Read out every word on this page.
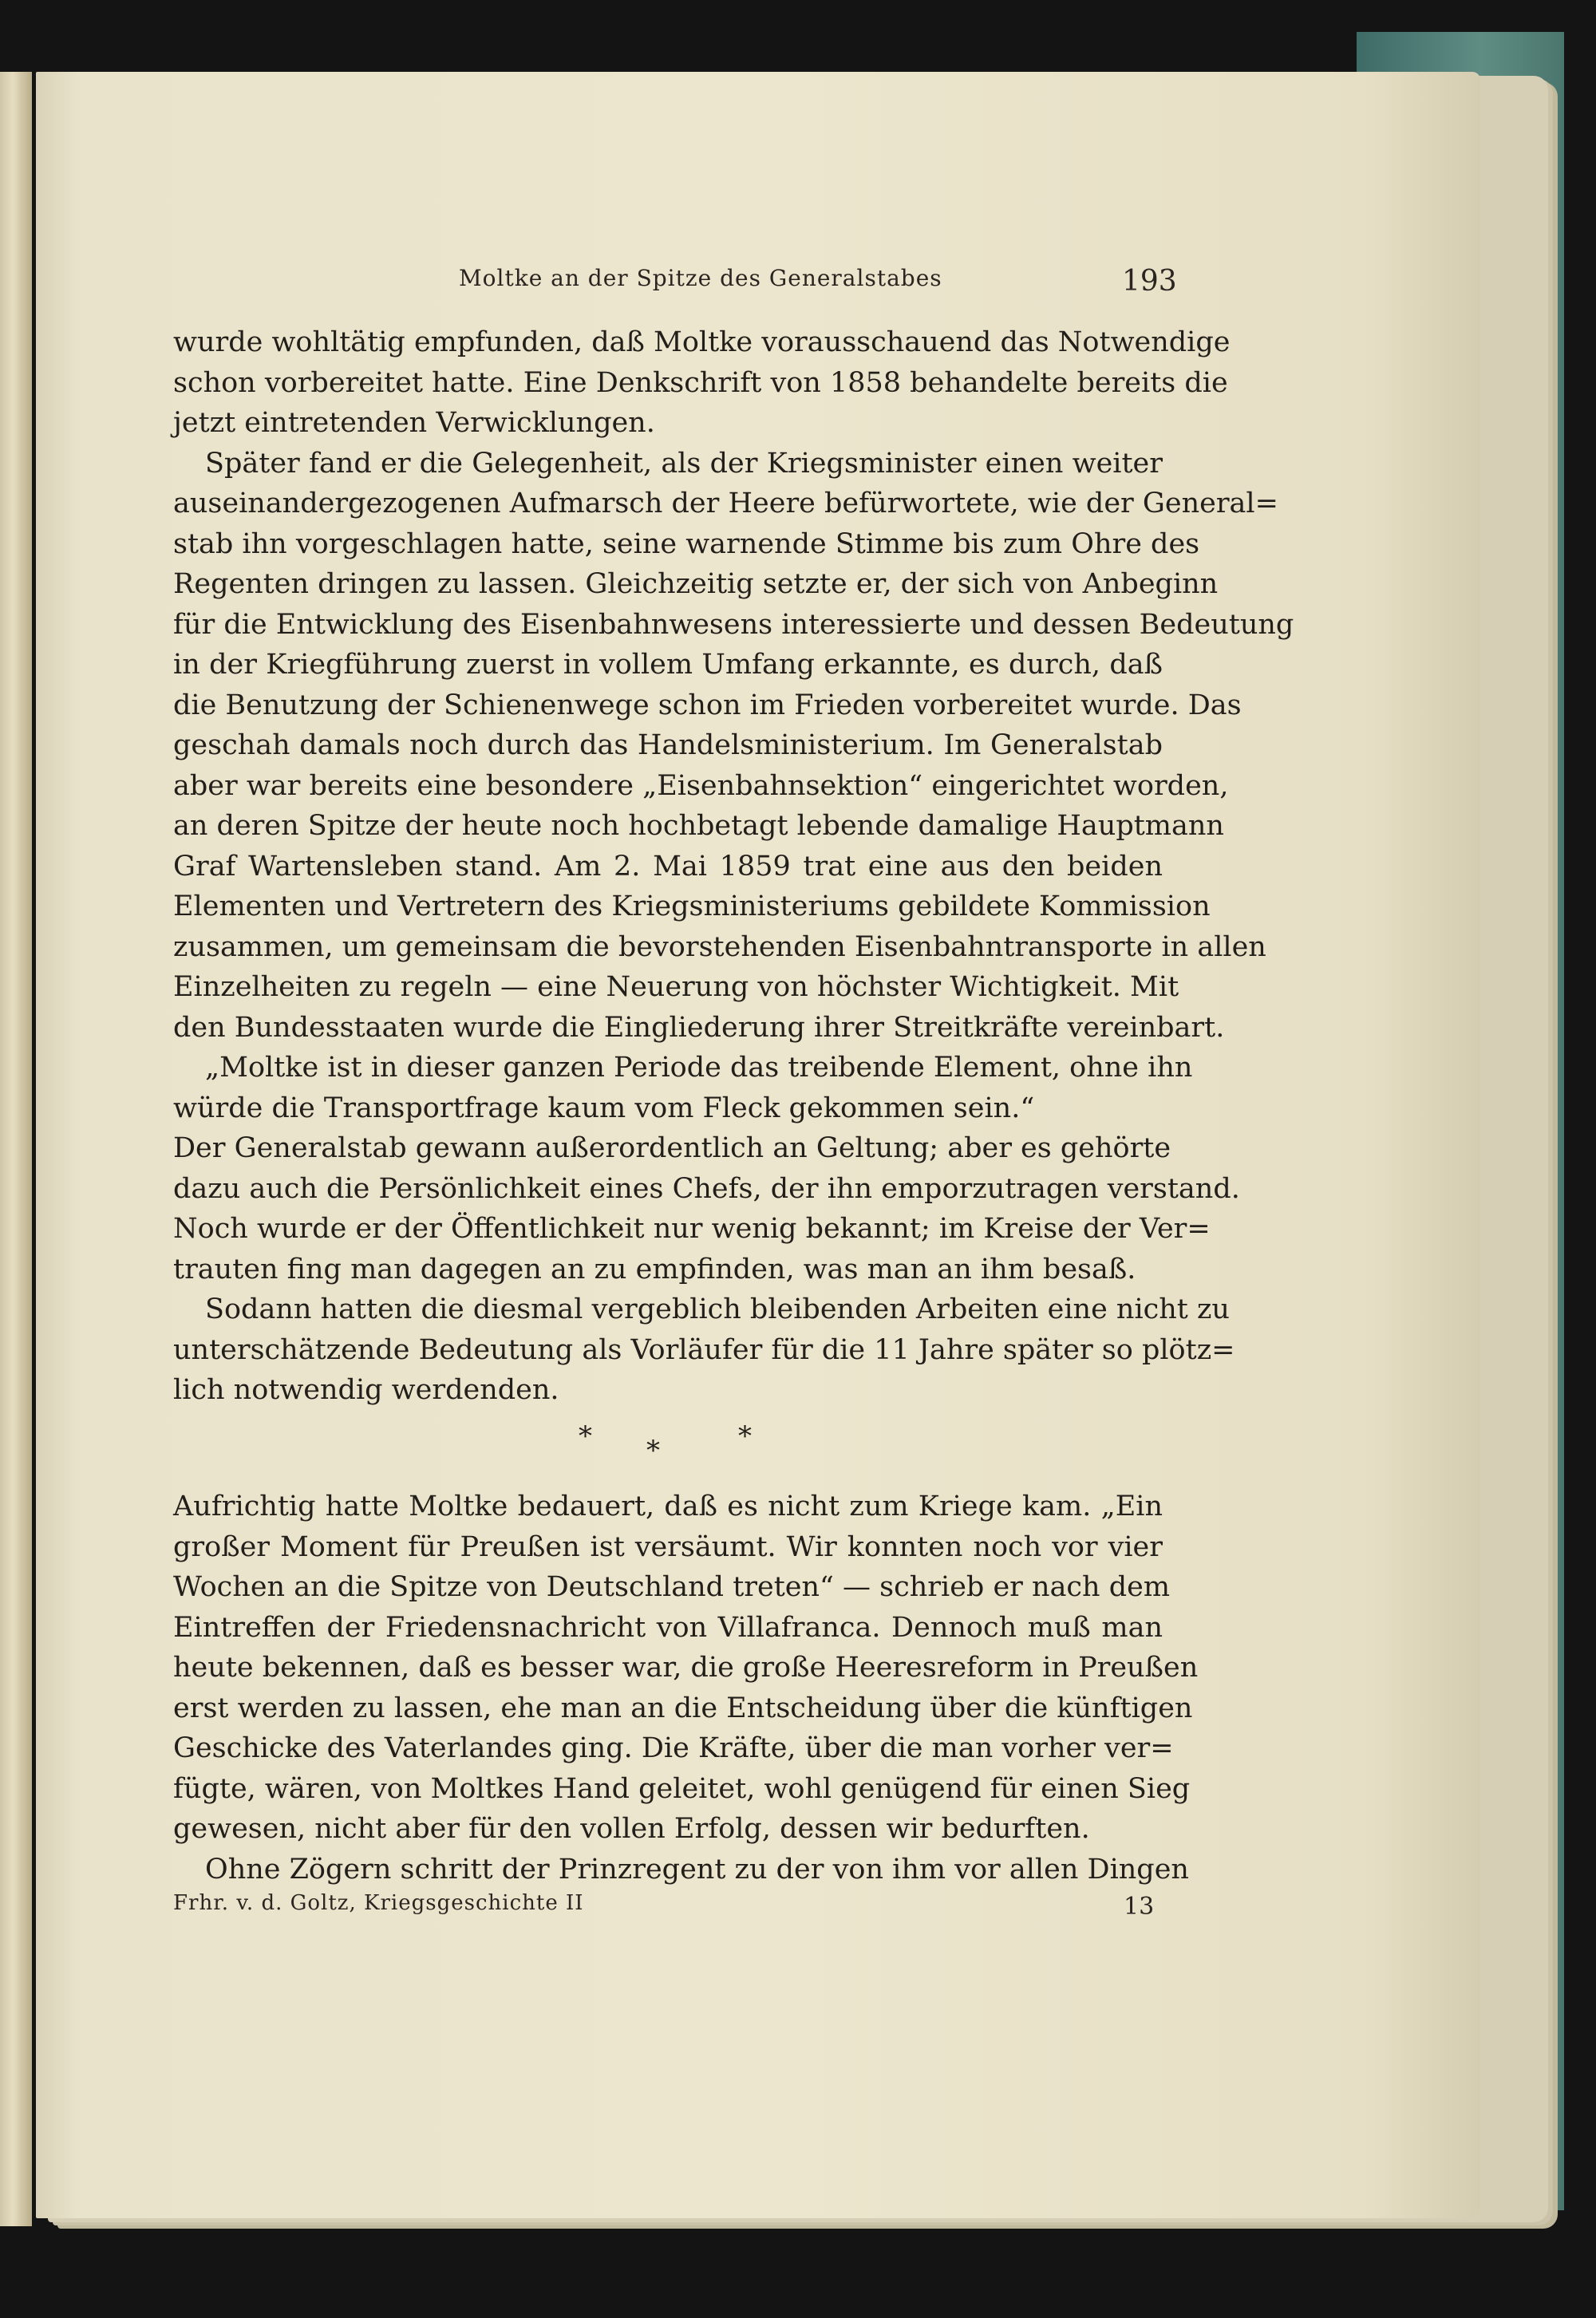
Moltke an der Spitze des Generalstabes	193

wurde wohltätig empfunden, daß Moltke vorausschauend das Notwendige

schon vorbereitet hatte. Eine Denkschrift von 1858 behandelte bereits die

jetzt eintretenden Verwicklungen.

Später fand er die Gelegenheit, als der Kriegsminister einen weiter

auseinandergezogenen Aufmarsch der Heere befürwortete, wie der General=

stab ihn vorgeschlagen hatte, seine warnende Stimme bis zum Ohre des

Regenten dringen zu lassen. Gleichzeitig setzte er, der sich von Anbeginn

für die Entwicklung des Eisenbahnwesens interessierte und dessen Bedeutung

in der Kriegführung zuerst in vollem Umfang erkannte, es durch, daß

die Benutzung der Schienenwege schon im Frieden vorbereitet wurde. Das

geschah damals noch durch das Handelsministerium. Im Generalstab

aber war bereits eine besondere „Eisenbahnsektion“ eingerichtet worden,

an deren Spitze der heute noch hochbetagt lebende damalige Hauptmann

Graf Wartensleben stand. Am 2. Mai 1859 trat eine aus den beiden

Elementen und Vertretern des Kriegsministeriums gebildete Kommission

zusammen, um gemeinsam die bevorstehenden Eisenbahntransporte in allen

Einzelheiten zu regeln — eine Neuerung von höchster Wichtigkeit. Mit

den Bundesstaaten wurde die Eingliederung ihrer Streitkräfte vereinbart.

„Moltke ist in dieser ganzen Periode das treibende Element, ohne ihn

würde die Transportfrage kaum vom Fleck gekommen sein.“

Der Generalstab gewann außerordentlich an Geltung; aber es gehörte

dazu auch die Persönlichkeit eines Chefs, der ihn emporzutragen verstand.

Noch wurde er der Öffentlichkeit nur wenig bekannt; im Kreise der Ver=

trauten fing man dagegen an zu empfinden, was man an ihm besaß.

Sodann hatten die diesmal vergeblich bleibenden Arbeiten eine nicht zu

unterschätzende Bedeutung als Vorläufer für die 11 Jahre später so plötz=

lich notwendig werdenden.

* *	*

Aufrichtig hatte Moltke bedauert, daß es nicht zum Kriege kam. „Ein

großer Moment für Preußen ist versäumt. Wir konnten noch vor vier

Wochen an die Spitze von Deutschland treten“ — schrieb er nach dem

Eintreffen der Friedensnachricht von Villafranca. Dennoch muß man

heute bekennen, daß es besser war, die große Heeresreform in Preußen

erst werden zu lassen, ehe man an die Entscheidung über die künftigen

Geschicke des Vaterlandes ging. Die Kräfte, über die man vorher ver=

fügte, wären, von Moltkes Hand geleitet, wohl genügend für einen Sieg

gewesen, nicht aber für den vollen Erfolg, dessen wir bedurften.

Ohne Zögern schritt der Prinzregent zu der von ihm vor allen Dingen

Frhr. v. d. Goltz, Kriegsgeschichte II	13
